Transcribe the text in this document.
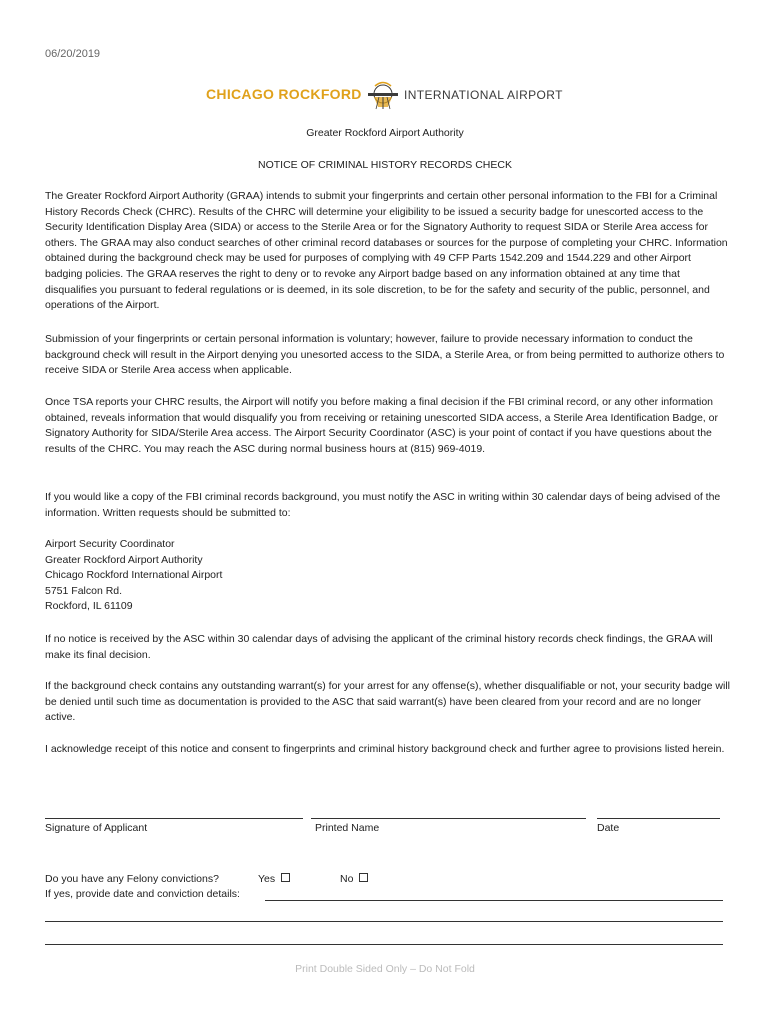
06/20/2019
CHICAGO ROCKFORD	INTERNATIONAL AIRPORT
Greater Rockford Airport Authority
NOTICE OF CRIMINAL HISTORY RECORDS CHECK
The Greater Rockford Airport Authority (GRAA) intends to submit your fingerprints and certain other personal information to the FBI for a Criminal History Records Check (CHRC). Results of the CHRC will determine your eligibility to be issued a security badge for unescorted access to the Security Identification Display Area (SIDA) or access to the Sterile Area or for the Signatory Authority to request SIDA or Sterile Area access for others. The GRAA may also conduct searches of other criminal record databases or sources for the purpose of completing your CHRC. Information obtained during the background check may be used for purposes of complying with 49 CFP Parts 1542.209 and 1544.229 and other Airport badging policies. The GRAA reserves the right to deny or to revoke any Airport badge based on any information obtained at any time that disqualifies you pursuant to federal regulations or is deemed, in its sole discretion, to be for the safety and security of the public, personnel, and operations of the Airport.
Submission of your fingerprints or certain personal information is voluntary; however, failure to provide necessary information to conduct the background check will result in the Airport denying you unesorted access to the SIDA, a Sterile Area, or from being permitted to authorize others to receive SIDA or Sterile Area access when applicable.
Once TSA reports your CHRC results, the Airport will notify you before making a final decision if the FBI criminal record, or any other information obtained, reveals information that would disqualify you from receiving or retaining unescorted SIDA access, a Sterile Area Identification Badge, or Signatory Authority for SIDA/Sterile Area access. The Airport Security Coordinator (ASC) is your point of contact if you have questions about the results of the CHRC. You may reach the ASC during normal business hours at (815) 969-4019.
If you would like a copy of the FBI criminal records background, you must notify the ASC in writing within 30 calendar days of being advised of the information. Written requests should be submitted to:
Airport Security Coordinator
Greater Rockford Airport Authority
Chicago Rockford International Airport
5751 Falcon Rd.
Rockford, IL 61109
If no notice is received by the ASC within 30 calendar days of advising the applicant of the criminal history records check findings, the GRAA will make its final decision.
If the background check contains any outstanding warrant(s) for your arrest for any offense(s), whether disqualifiable or not, your security badge will be denied until such time as documentation is provided to the ASC that said warrant(s) have been cleared from your record and are no longer active.
I acknowledge receipt of this notice and consent to fingerprints and criminal history background check and further agree to provisions listed herein.
Signature of Applicant	Printed Name	Date
Do you have any Felony convictions?	Yes	No
If yes, provide date and conviction details:
Print Double Sided Only – Do Not Fold
